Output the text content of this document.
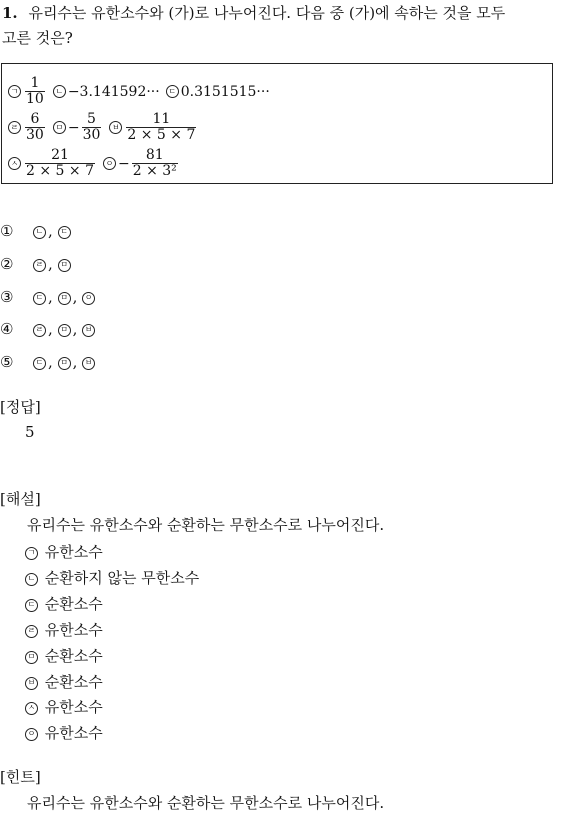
1. 유리수는 유한소수와 (가)로 나누어진다. 다음 중 (가)에 속하는 것을 모두
고른 것은?
ㄱ $\frac{1}{10}$	ㄴ −3.141592···	ㄷ 0.3151515···
ㄹ $\frac{6}{30}$	ㅁ − $\frac{5}{30}$	ㅂ $\frac{11}{2 \times 5 \times 7}$
ㅅ $\frac{21}{2 \times 5 \times 7}$	ㅇ − $\frac{81}{\text{2 × 3²}}$
①	ㄴ , ㄷ
②	ㄹ , ㅁ
③	ㄷ , ㅁ , ㅇ
④	ㄹ , ㅁ , ㅂ
⑤	ㄷ , ㅁ , ㅂ
[정답]
5
[해설]
유리수는 유한소수와 순환하는 무한소수로 나누어진다.
ㄱ 유한소수
ㄴ 순환하지 않는 무한소수
ㄷ 순환소수
ㄹ 유한소수
ㅁ 순환소수
ㅂ 순환소수
ㅅ 유한소수
ㅇ 유한소수
[힌트]
유리수는 유한소수와 순환하는 무한소수로 나누어진다.
